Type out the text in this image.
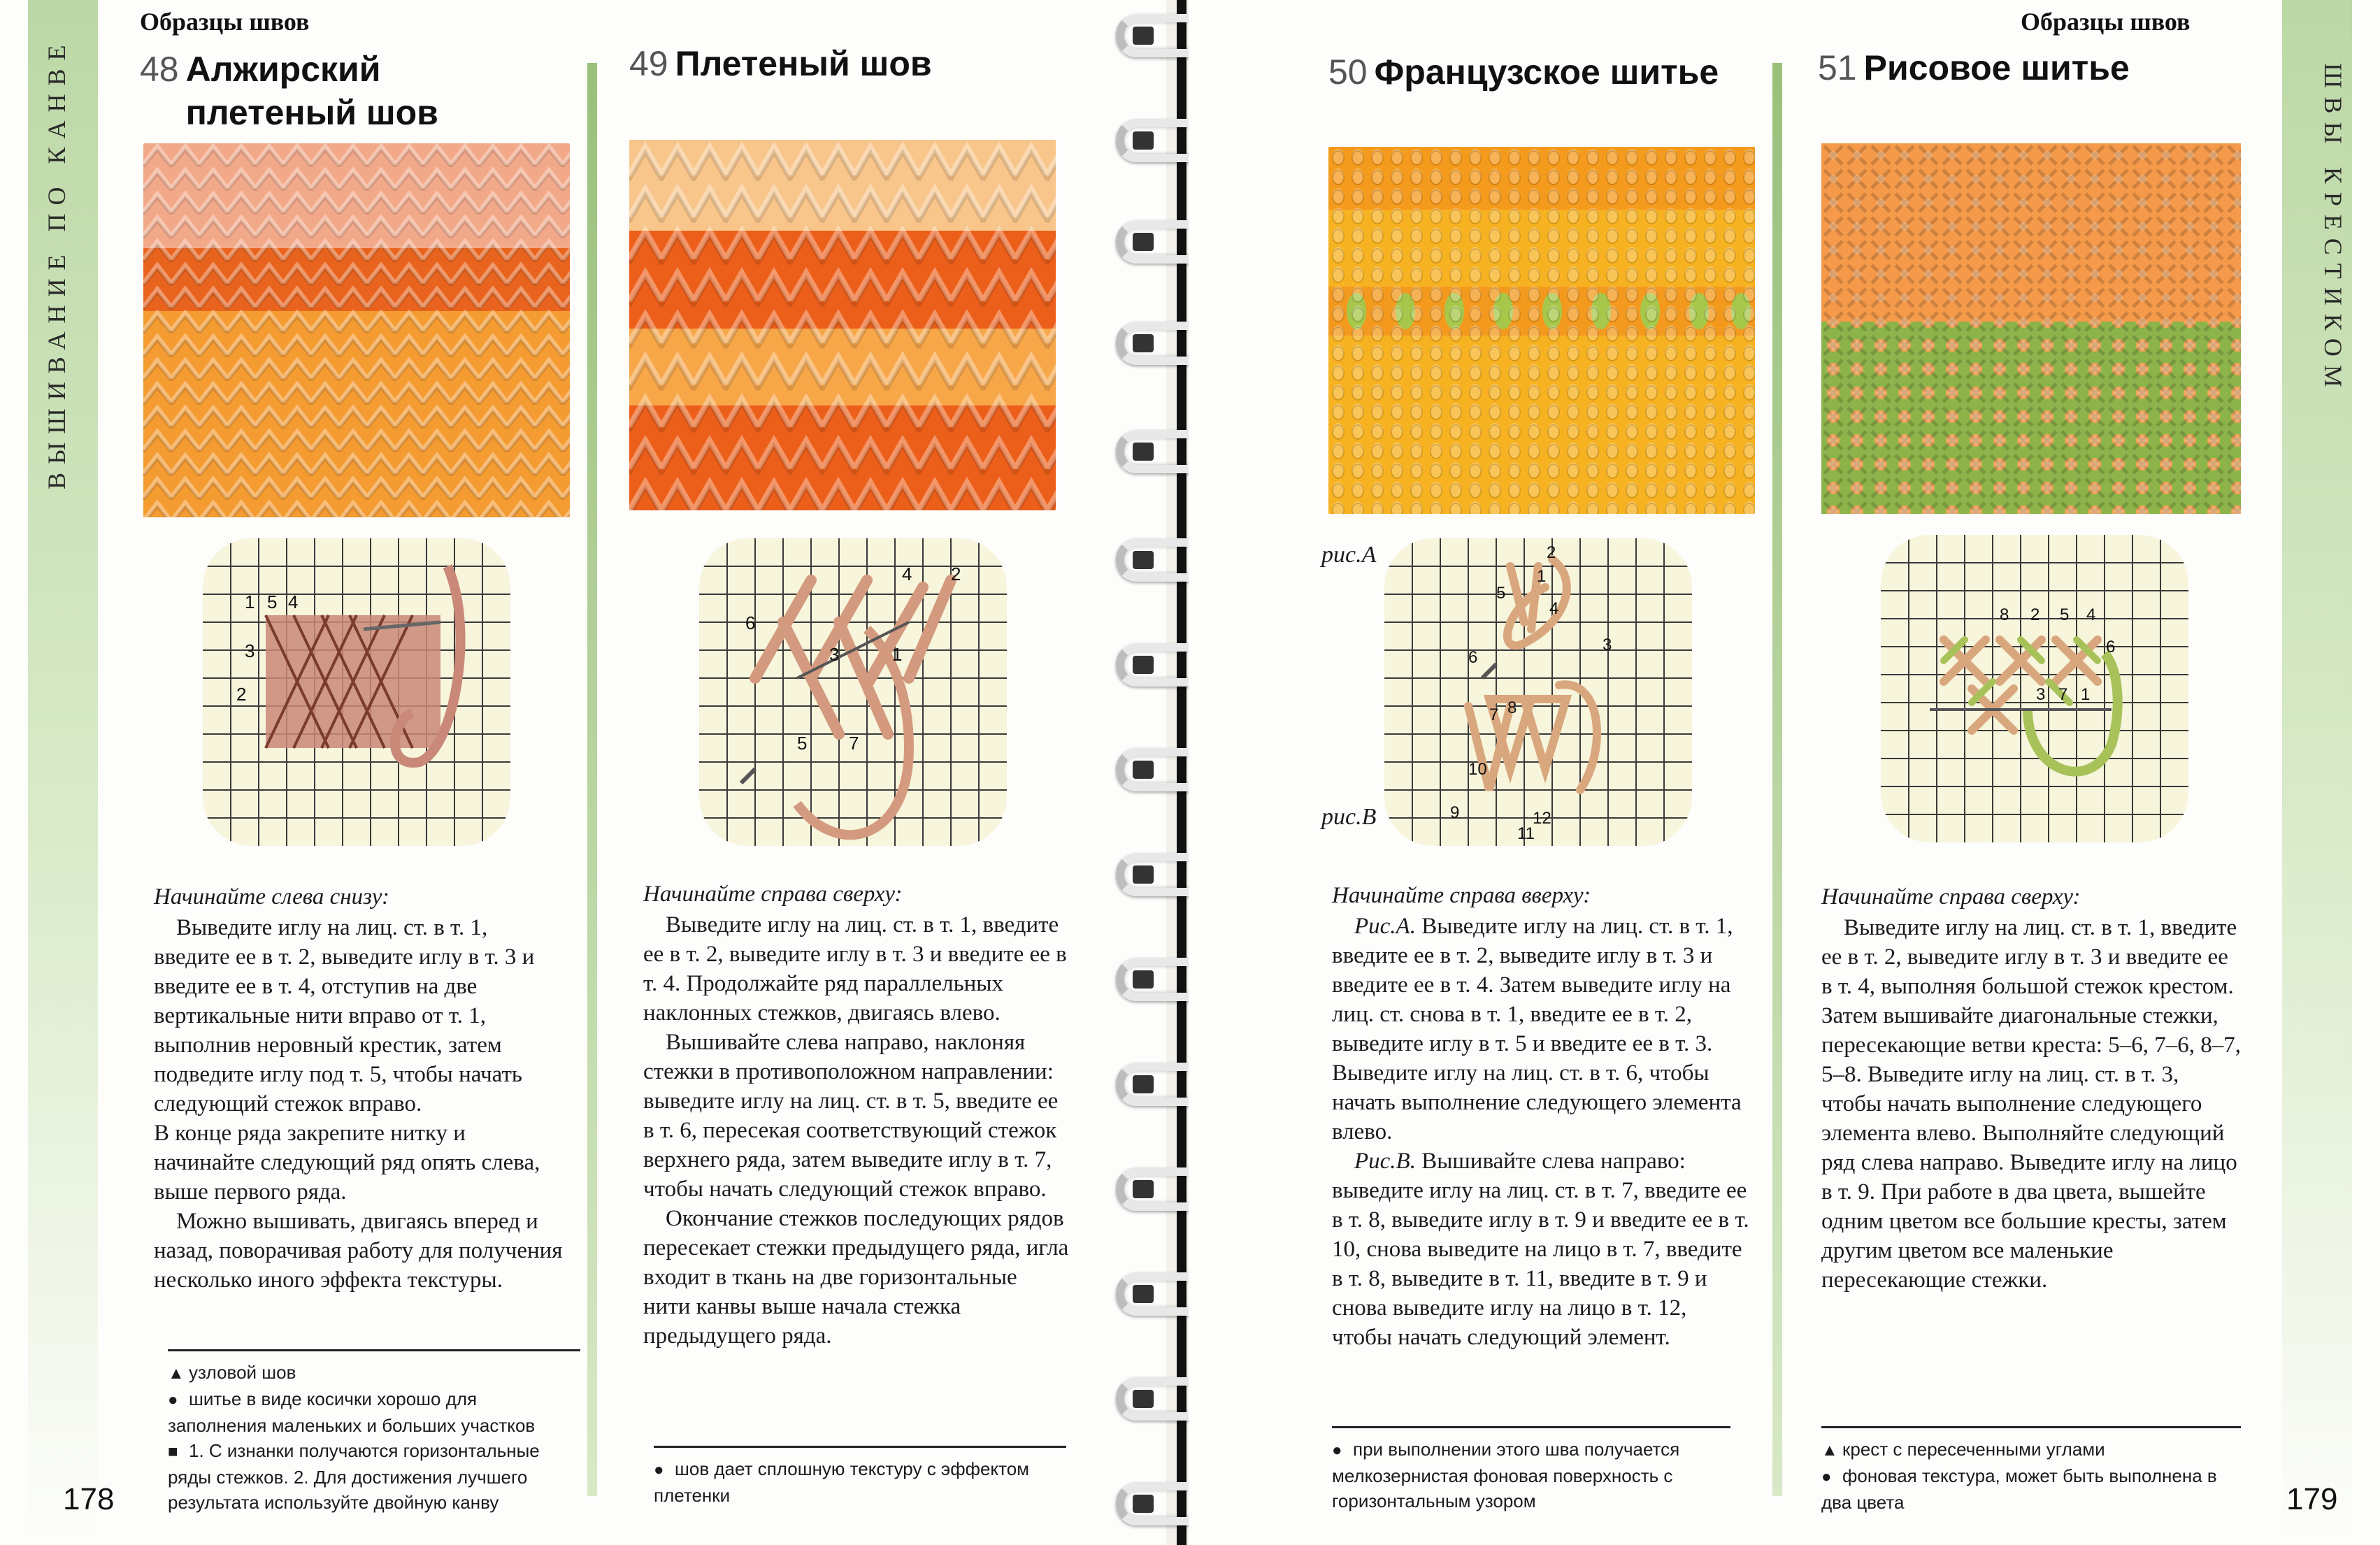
ВЫШИВАНИЕ ПО КАНВЕ
Образцы швов
178
48 Алжирский плетеный шов
1 5 4
3
2
Начинайте слева снизу:

Выведите иглу на лиц. ст. в т. 1, введите ее в т. 2, выведите иглу в т. 3 и введите ее в т. 4, отступив на две вертикальные нити вправо от т. 1, выполнив неровный крестик, затем подведите иглу под т. 5, чтобы начать следующий стежок вправо.

В конце ряда закрепите нитку и начинайте следующий ряд опять слева, выше первого ряда.

Можно вышивать, двигаясь вперед и назад, поворачивая работу для получения несколько иного эффекта текстуры.

▲ узловой шов
● шитье в виде косички хорошо для заполнения маленьких и больших участков
■ 1. С изнанки получаются горизонтальные ряды стежков. 2. Для достижения лучшего результата используйте двойную канву
49 Плетеный шов
4 2
6
3	1
5 7
Начинайте справа сверху:

Выведите иглу на лиц. ст. в т. 1, введите ее в т. 2, выведите иглу в т. 3 и введите ее в т. 4. Продолжайте ряд параллельных наклонных стежков, двигаясь влево.

Вышивайте слева направо, наклоняя стежки в противоположном направлении: выведите иглу на лиц. ст. в т. 5, введите ее в т. 6, пересекая соответствующий стежок верхнего ряда, затем выведите иглу в т. 7, чтобы начать следующий стежок вправо.

Окончание стежков последующих рядов пересекает стежки предыдущего ряда, игла входит в ткань на две горизонтальные нити канвы выше начала стежка предыдущего ряда.

● шов дает сплошную текстуру с эффектом плетенки
Образцы швов
179
50 Французское шитье
рис.А
рис.В
2
5
4
1
6
3
8
7
10
9
11
12
Начинайте справа вверху:

Рис.А. Выведите иглу на лиц. ст. в т. 1, введите ее в т. 2, выведите иглу в т. 3 и введите ее в т. 4. Затем выведите иглу на лиц. ст. снова в т. 1, введите ее в т. 2, выведите иглу в т. 5 и введите ее в т. 3. Выведите иглу на лиц. ст. в т. 6, чтобы начать выполнение следующего элемента влево.

Рис.В. Вышивайте слева направо: выведите иглу на лиц. ст. в т. 7, введите ее в т. 8, выведите иглу в т. 9 и введите ее в т. 10, снова выведите на лицо в т. 7, введите в т. 8, выведите в т. 11, введите в т. 9 и снова выведите иглу на лицо в т. 12, чтобы начать следующий элемент.

● при выполнении этого шва получается мелкозернистая фоновая поверхность с горизонтальным узором
51 Рисовое шитье
8 2 5 4
6
3 7 1
Начинайте справа сверху:

Выведите иглу на лиц. ст. в т. 1, введите ее в т. 2, выведите иглу в т. 3 и введите ее в т. 4, выполняя большой стежок крестом. Затем вышивайте диагональные стежки, пересекающие ветви креста: 5–6, 7–6, 8–7, 5–8. Выведите иглу на лиц. ст. в т. 3, чтобы начать выполнение следующего элемента влево. Выполняйте следующий ряд слева направо. Выведите иглу на лицо в т. 9. При работе в два цвета, вышейте одним цветом все большие кресты, затем другим цветом все маленькие пересекающие стежки.

▲ крест с пересеченными углами
● фоновая текстура, может быть выполнена в два цвета
